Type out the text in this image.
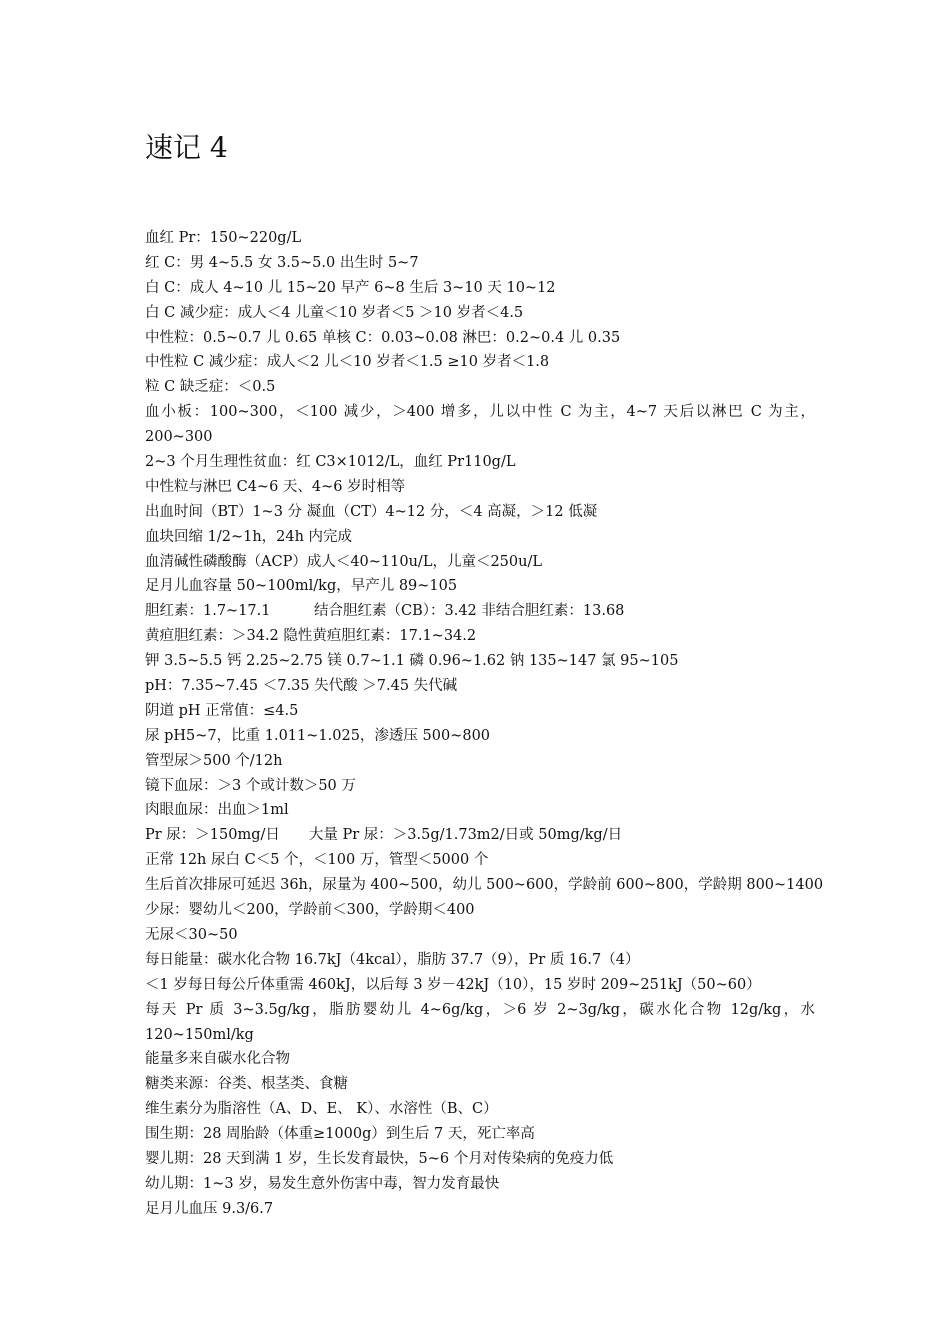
速记 4
血红 Pr：150~220g/L
红 C：男 4~5.5 女 3.5~5.0 出生时 5~7
白 C：成人 4~10 儿 15~20 早产 6~8 生后 3~10 天 10~12
白 C 减少症：成人＜4 儿童＜10 岁者＜5 ＞10 岁者＜4.5
中性粒：0.5~0.7 儿 0.65 单核 C：0.03~0.08 淋巴：0.2~0.4 儿 0.35
中性粒 C 减少症：成人＜2 儿＜10 岁者＜1.5 ≥10 岁者＜1.8
粒 C 缺乏症：＜0.5
血小板：100~300，＜100 减少，＞400 增多，儿以中性 C 为主，4~7 天后以淋巴 C 为主，
200~300
2~3 个月生理性贫血：红 C3×1012/L，血红 Pr110g/L
中性粒与淋巴 C4~6 天、4~6 岁时相等
出血时间（BT）1~3 分 凝血（CT）4~12 分，＜4 高凝，＞12 低凝
血块回缩 1/2~1h，24h 内完成
血清碱性磷酸酶（ACP）成人＜40~110u/L，儿童＜250u/L
足月儿血容量 50~100ml/kg，早产儿 89~105
胆红素：1.7~17.1　　　结合胆红素（CB）：3.42 非结合胆红素：13.68
黄疸胆红素：＞34.2 隐性黄疸胆红素：17.1~34.2
钾 3.5~5.5 钙 2.25~2.75 镁 0.7~1.1 磷 0.96~1.62 钠 135~147 氯 95~105
pH：7.35~7.45 ＜7.35 失代酸 ＞7.45 失代碱
阴道 pH 正常值：≤4.5
尿 pH5~7，比重 1.011~1.025，渗透压 500~800
管型尿＞500 个/12h
镜下血尿：＞3 个或计数＞50 万
肉眼血尿：出血＞1ml
Pr 尿：＞150mg/日　　大量 Pr 尿：＞3.5g/1.73m2/日或 50mg/kg/日
正常 12h 尿白 C＜5 个，＜100 万，管型＜5000 个
生后首次排尿可延迟 36h，尿量为 400~500，幼儿 500~600，学龄前 600~800，学龄期 800~1400
少尿：婴幼儿＜200，学龄前＜300，学龄期＜400
无尿＜30~50
每日能量：碳水化合物 16.7kJ（4kcal），脂肪 37.7（9），Pr 质 16.7（4）
＜1 岁每日每公斤体重需 460kJ，以后每 3 岁－42kJ（10），15 岁时 209~251kJ（50~60）
每天 Pr 质 3~3.5g/kg，脂肪婴幼儿 4~6g/kg，＞6 岁 2~3g/kg，碳水化合物 12g/kg，水
120~150ml/kg
能量多来自碳水化合物
糖类来源：谷类、根茎类、食糖
维生素分为脂溶性（A、D、E、 K）、水溶性（B、C）
围生期：28 周胎龄（体重≥1000g）到生后 7 天，死亡率高
婴儿期：28 天到满 1 岁，生长发育最快，5~6 个月对传染病的免疫力低
幼儿期：1~3 岁，易发生意外伤害中毒，智力发育最快
足月儿血压 9.3/6.7
